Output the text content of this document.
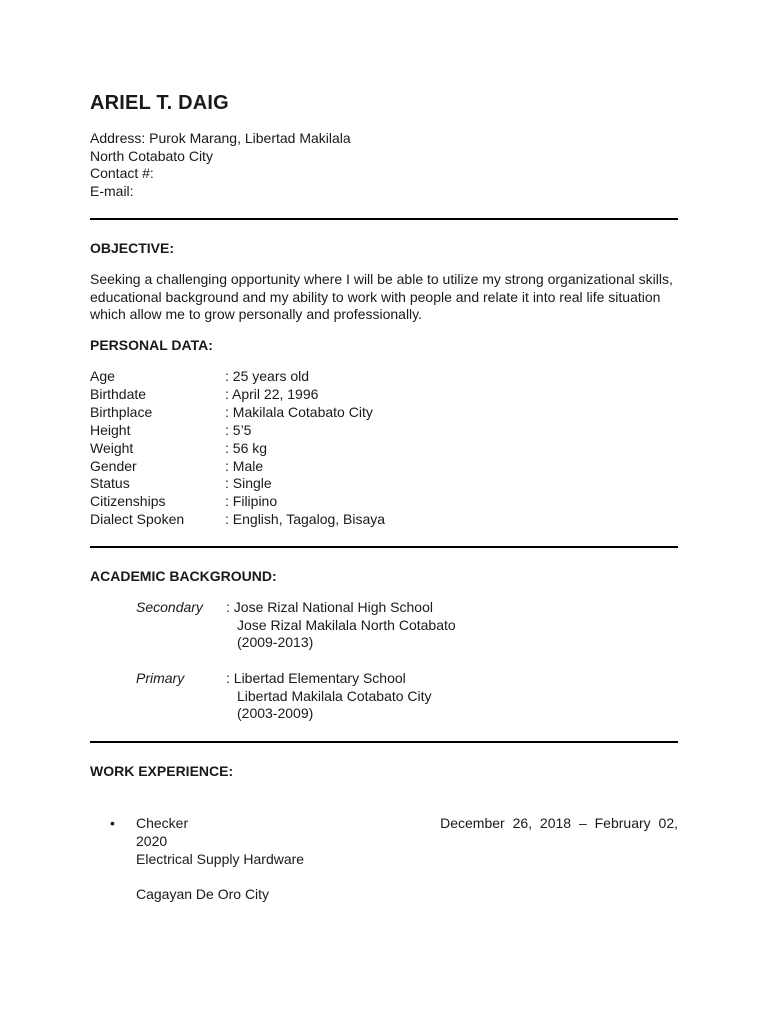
ARIEL T. DAIG
Address: Purok Marang, Libertad Makilala
North Cotabato City
Contact #:
E-mail:
OBJECTIVE:

Seeking a challenging opportunity where I will be able to utilize my strong organizational skills, educational background and my ability to work with people and relate it into real life situation which allow me to grow personally and professionally.

PERSONAL DATA:
Age	: 25 years old
Birthdate	: April 22, 1996
Birthplace	: Makilala Cotabato City
Height	: 5’5
Weight	: 56 kg
Gender	: Male
Status	: Single
Citizenships	: Filipino
Dialect Spoken	: English, Tagalog, Bisaya
ACADEMIC BACKGROUND:
Secondary	: Jose Rizal National High School
Jose Rizal Makilala North Cotabato
(2009-2013)
Primary	: Libertad Elementary School
Libertad Makilala Cotabato City
(2003-2009)
WORK EXPERIENCE:
• Checker	December 26, 2018 – February 02,
2020
Electrical Supply Hardware
Cagayan De Oro City
